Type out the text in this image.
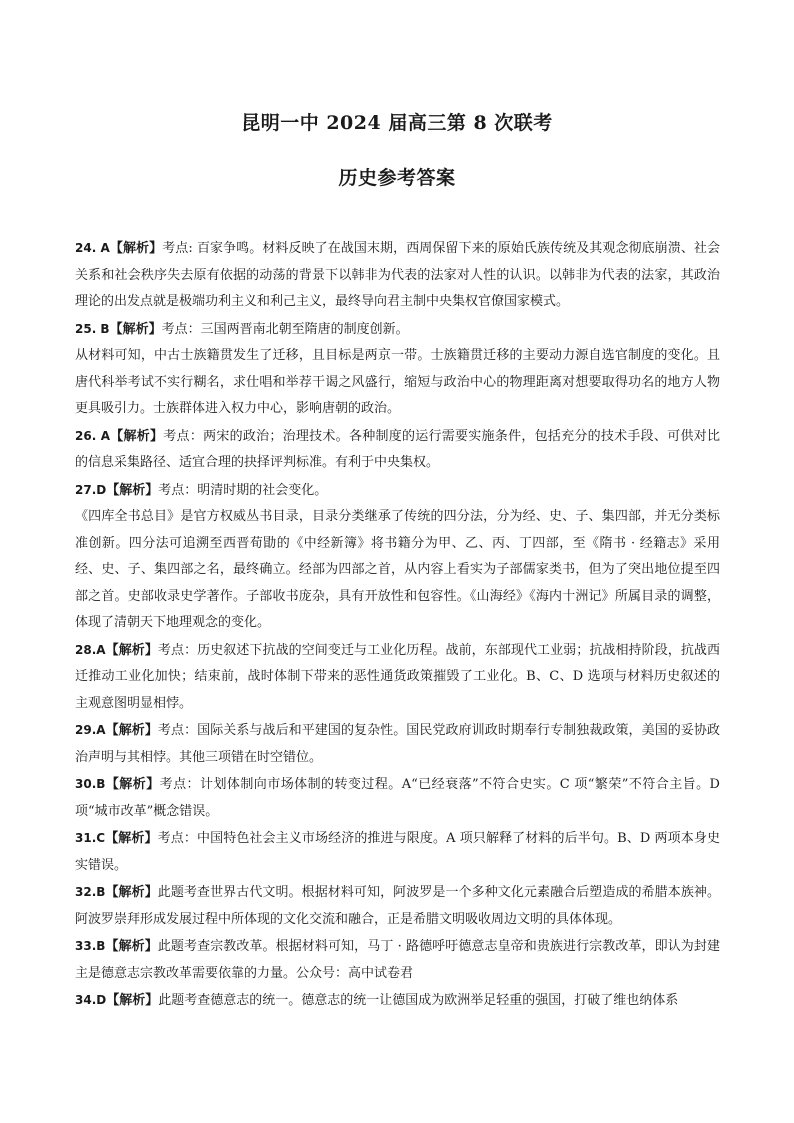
昆明一中 2024 届高三第 8 次联考
历史参考答案

24. A【解析】考点: 百家争鸣。材料反映了在战国末期，西周保留下来的原始氏族传统及其观念彻底崩溃、社会关系和社会秩序失去原有依据的动荡的背景下以韩非为代表的法家对人性的认识。以韩非为代表的法家，其政治理论的出发点就是极端功利主义和利己主义，最终导向君主制中央集权官僚国家模式。

25. B【解析】考点：三国两晋南北朝至隋唐的制度创新。

从材料可知，中古士族籍贯发生了迁移，且目标是两京一带。士族籍贯迁移的主要动力源自选官制度的变化。且唐代科举考试不实行糊名，求仕唱和举荐干谒之风盛行，缩短与政治中心的物理距离对想要取得功名的地方人物更具吸引力。士族群体进入权力中心，影响唐朝的政治。

26. A【解析】考点：两宋的政治；治理技术。各种制度的运行需要实施条件，包括充分的技术手段、可供对比的信息采集路径、适宜合理的抉择评判标准。有利于中央集权。

27.D【解析】考点：明清时期的社会变化。

《四库全书总目》是官方权威丛书目录，目录分类继承了传统的四分法，分为经、史、子、集四部，并无分类标准创新。四分法可追溯至西晋荀勖的《中经新簿》将书籍分为甲、乙、丙、丁四部，至《隋书 · 经籍志》采用经、史、子、集四部之名，最终确立。经部为四部之首，从内容上看实为子部儒家类书，但为了突出地位提至四部之首。史部收录史学著作。子部收书庞杂，具有开放性和包容性。《山海经》《海内十洲记》所属目录的调整，体现了清朝天下地理观念的变化。

28.A【解析】考点：历史叙述下抗战的空间变迁与工业化历程。战前，东部现代工业弱；抗战相持阶段，抗战西迁推动工业化加快；结束前，战时体制下带来的恶性通货政策摧毁了工业化。B、C、D 选项与材料历史叙述的主观意图明显相悖。

29.A【解析】考点：国际关系与战后和平建国的复杂性。国民党政府训政时期奉行专制独裁政策，美国的妥协政治声明与其相悖。其他三项错在时空错位。

30.B【解析】考点：计划体制向市场体制的转变过程。A“已经衰落”不符合史实。C 项“繁荣”不符合主旨。D 项“城市改革”概念错误。

31.C【解析】考点：中国特色社会主义市场经济的推进与限度。A 项只解释了材料的后半句。B、D 两项本身史实错误。

32.B【解析】此题考查世界古代文明。根据材料可知，阿波罗是一个多种文化元素融合后塑造成的希腊本族神。阿波罗崇拜形成发展过程中所体现的文化交流和融合，正是希腊文明吸收周边文明的具体体现。

33.B【解析】此题考查宗教改革。根据材料可知，马丁 · 路德呼吁德意志皇帝和贵族进行宗教改革，即认为封建主是德意志宗教改革需要依靠的力量。公众号：高中试卷君

34.D【解析】此题考查德意志的统一。德意志的统一让德国成为欧洲举足轻重的强国，打破了维也纳体系
